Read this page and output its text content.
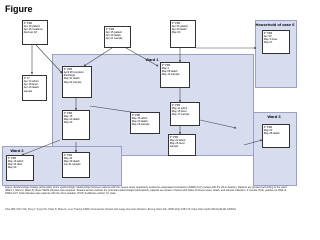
Figure
Household of case 6
Ward 1
Ward 3
Ward 2
F* PFR
Apr 10 patient
Apr 15 mealtime
died apr 18
F* PFR
Apr 15 patient
Apr 20 death
Apr 21 sample
F* PFR
Apr 24 patient
Apr 29 death
May 03
F* F*
Apr 14 admit
Apr 18 fever
Apr 20 death
sample
F* PFR
April 28 symptom
discharge
May 01 death
May 02 sample
F* PFR
May 4
May 08 death
May 10 sample
F* PFR
May 11 admit
May 15 fever
May 17 sample
F* PFR
May 15
May 20 death
May 23
F* PFR
May 16 admit
May 23 death
May 26 sample
F* PFR
May 20 admit
May 26 fever
sample
F* PFR
Apr 30
May 3 fever
May 07
F* PFR
May 19 admit
May 24 died
May 30
F* PFR
May 24
May 29 death
Jun 01 sample
F* PFR
May 23
May 28 death
Figure. Epidemiologic linkage (schematic) of the epidemiologic relationships between patients with the severe acute respiratory syndrome–associated coronavirus (SARS-CoV) variant with the 29-nt deletion. Patients are grouped according to the ward (Ward 1, Ward 2, Ward 3) where SARS infection was acquired. Shaded arrows indicate the potential epidemiologic transmission; patients are shown in boxes with dates of illness onset, death, and sample collection. F, female; PFR, positive for RNA of SARS-CoV; bold indicates case patients with the 29-nt deletion. HCW, healthcare worker; M, male.
Chiu RW, Chim SS, Tong Y, Fung KS, Chan P, Zhao G, et al. Tracing SARS-Coronavirus Variant with Large Genomic Deletion. Emerg Infect Dis. 2005;11(1):168-170. https://doi.org/10.3201/eid1101.040544
